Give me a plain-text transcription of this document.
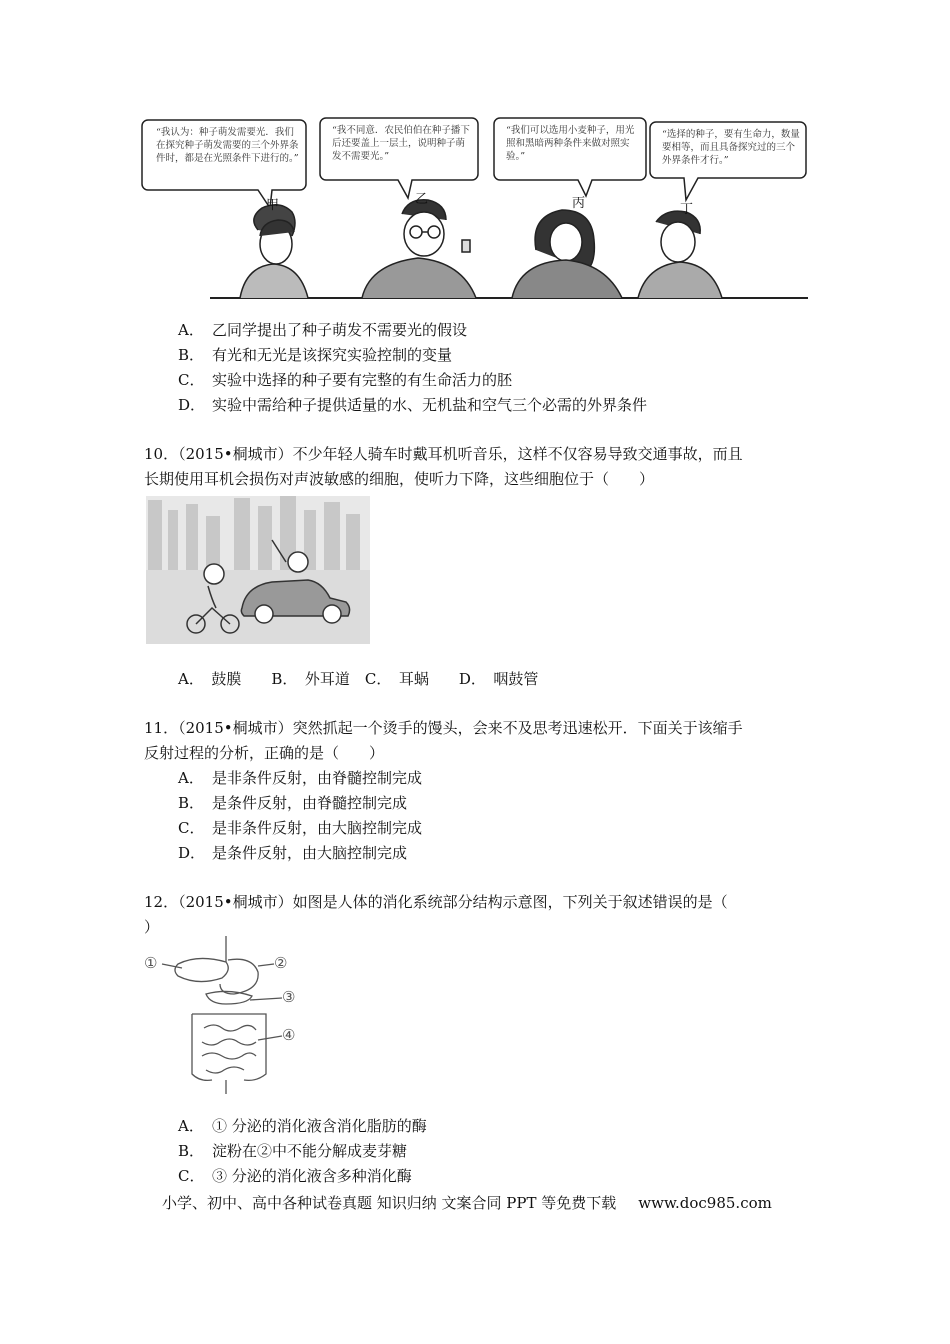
“我认为：种子萌发需要光．我们在探究种子萌发需要的三个外界条件时，都是在光照条件下进行的。”
“我不同意．农民伯伯在种子播下后还要盖上一层土，说明种子萌发不需要光。”
“我们可以选用小麦种子，用光照和黑暗两种条件来做对照实验。”
“选择的种子，要有生命力，数量要相等，而且具备探究过的三个外界条件才行。”
甲	乙	丙	丁
A． 乙同学提出了种子萌发不需要光的假设
B． 有光和无光是该探究实验控制的变量
C． 实验中选择的种子要有完整的有生命活力的胚
D． 实验中需给种子提供适量的水、无机盐和空气三个必需的外界条件
10．（2015•桐城市）不少年轻人骑车时戴耳机听音乐，这样不仅容易导致交通事故，而且
长期使用耳机会损伤对声波敏感的细胞，使听力下降，这些细胞位于（　　）
A．　鼓膜　　B．　外耳道　C．　耳蜗　　D．　咽鼓管
11．（2015•桐城市）突然抓起一个烫手的馒头，会来不及思考迅速松开．下面关于该缩手
反射过程的分析，正确的是（　　）
A． 是非条件反射，由脊髓控制完成
B． 是条件反射，由脊髓控制完成
C． 是非条件反射，由大脑控制完成
D． 是条件反射，由大脑控制完成
12．（2015•桐城市）如图是人体的消化系统部分结构示意图，下列关于叙述错误的是（
）
①	②
③
④
A． ① 分泌的消化液含消化脂肪的酶
B． 淀粉在②中不能分解成麦芽糖
C． ③ 分泌的消化液含多种消化酶
小学、初中、高中各种试卷真题 知识归纳 文案合同 PPT 等免费下载 www.doc985.com
